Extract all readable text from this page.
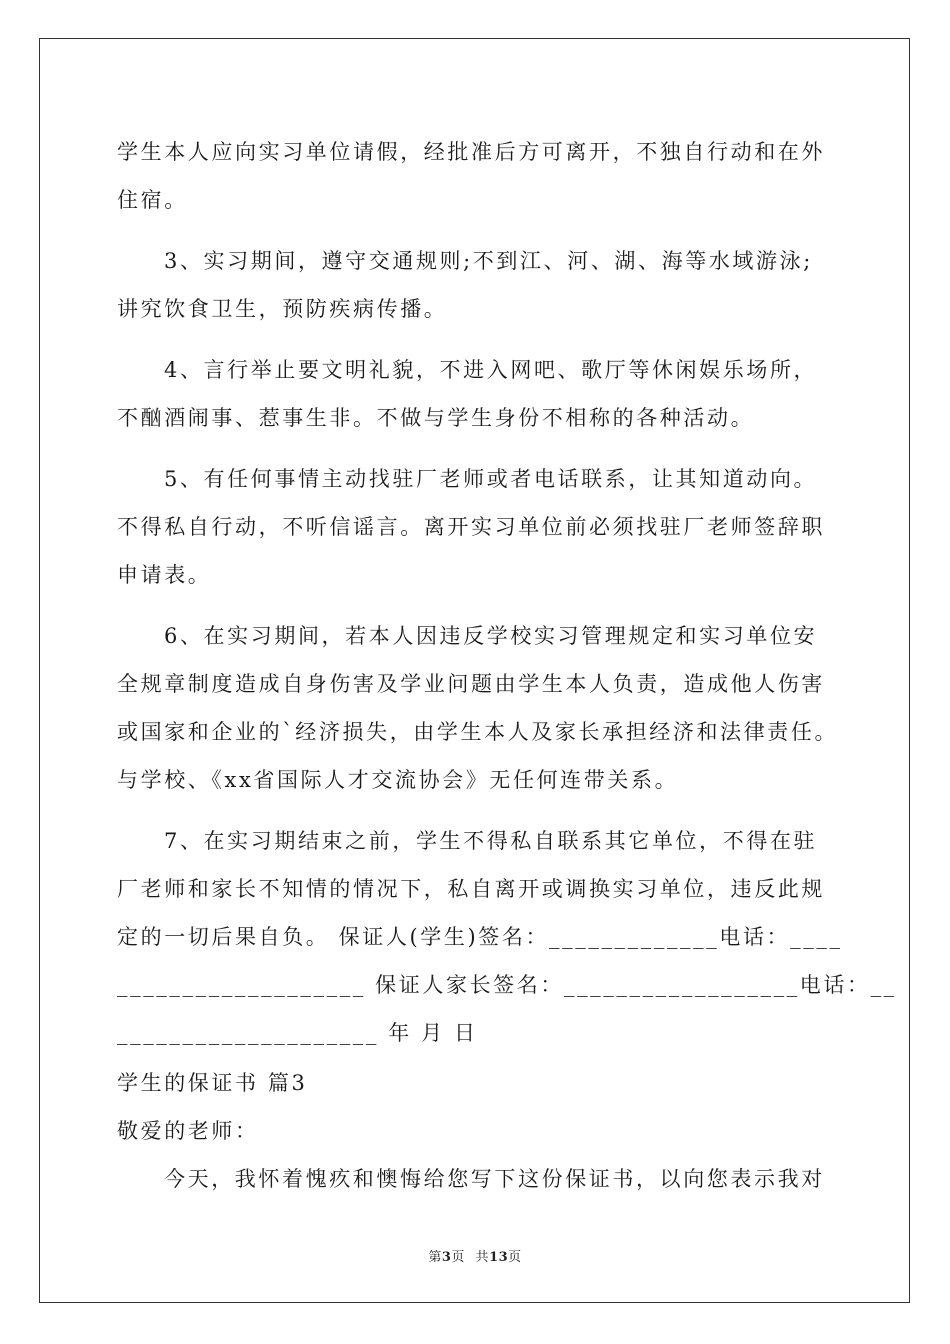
学生本人应向实习单位请假，经批准后方可离开，不独自行动和在外
住宿。
3、实习期间，遵守交通规则;不到江、河、湖、海等水域游泳;
讲究饮食卫生，预防疾病传播。
4、言行举止要文明礼貌，不进入网吧、歌厅等休闲娱乐场所，
不酗酒闹事、惹事生非。不做与学生身份不相称的各种活动。
5、有任何事情主动找驻厂老师或者电话联系，让其知道动向。
不得私自行动，不听信谣言。离开实习单位前必须找驻厂老师签辞职
申请表。
6、在实习期间，若本人因违反学校实习管理规定和实习单位安
全规章制度造成自身伤害及学业问题由学生本人负责，造成他人伤害
或国家和企业的`经济损失，由学生本人及家长承担经济和法律责任。
与学校、《xx省国际人才交流协会》无任何连带关系。
7、在实习期结束之前，学生不得私自联系其它单位，不得在驻
厂老师和家长不知情的情况下，私自离开或调换实习单位，违反此规
定的一切后果自负。 保证人(学生)签名：_____________电话：____
___________________ 保证人家长签名：__________________电话：__
____________________ 年 月 日

学生的保证书 篇3

敬爱的老师：

今天，我怀着愧疚和懊悔给您写下这份保证书，以向您表示我对

第3页 共13页
